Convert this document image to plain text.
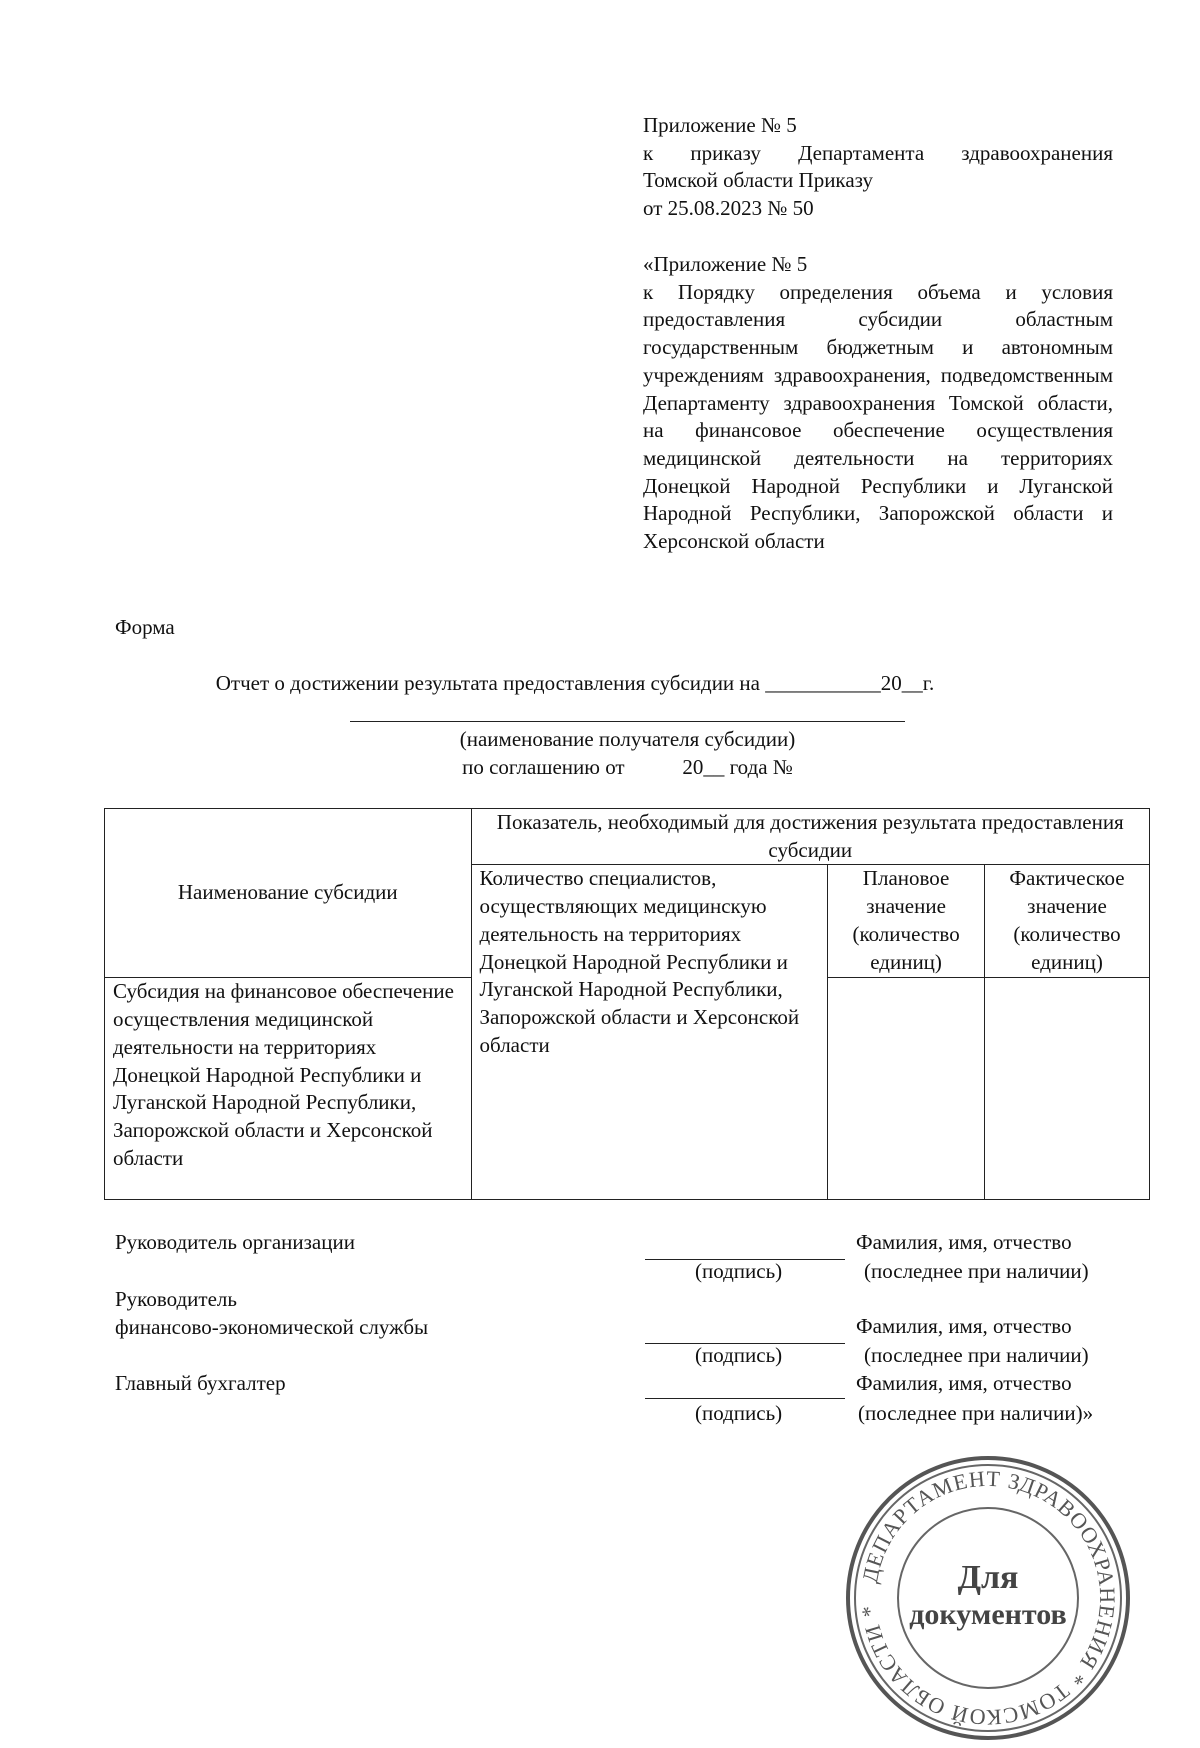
Приложение № 5
к приказу Департамента здравоохранения
Томской области Приказу
от 25.08.2023 № 50
«Приложение № 5
к Порядку определения объема и условия предоставления субсидии областным государственным бюджетным и автономным учреждениям здравоохранения, подведомственным Департаменту здравоохранения Томской области, на финансовое обеспечение осуществления медицинской деятельности на территориях Донецкой Народной Республики и Луганской Народной Республики, Запорожской области и Херсонской области
Форма
Отчет о достижении результата предоставления субсидии на ___________20__г.
(наименование получателя субсидии)
по соглашению от           20__ года №
Наименование субсидии	Показатель, необходимый для достижения результата предоставления субсидии		
	Количество специалистов, осуществляющих медицинскую деятельность на территориях Донецкой Народной Республики и Луганской Народной Республики, Запорожской области и Херсонской области	Плановое значение (количество единиц)	Фактическое значение (количество единиц)
Субсидия на финансовое обеспечение осуществления медицинской деятельности на территориях Донецкой Народной Республики и Луганской Народной Республики, Запорожской области и Херсонской области			
Руководитель организации
(подпись)
Фамилия, имя, отчество
(последнее при наличии)
Руководитель
финансово-экономической службы
(подпись)
Фамилия, имя, отчество
(последнее при наличии)
Главный бухгалтер
(подпись)
Фамилия, имя, отчество
(последнее при наличии)»
ДЕПАРТАМЕНТ ЗДРАВООХРАНЕНИЯ * ТОМСКОЙ ОБЛАСТИ *
Для
документов
